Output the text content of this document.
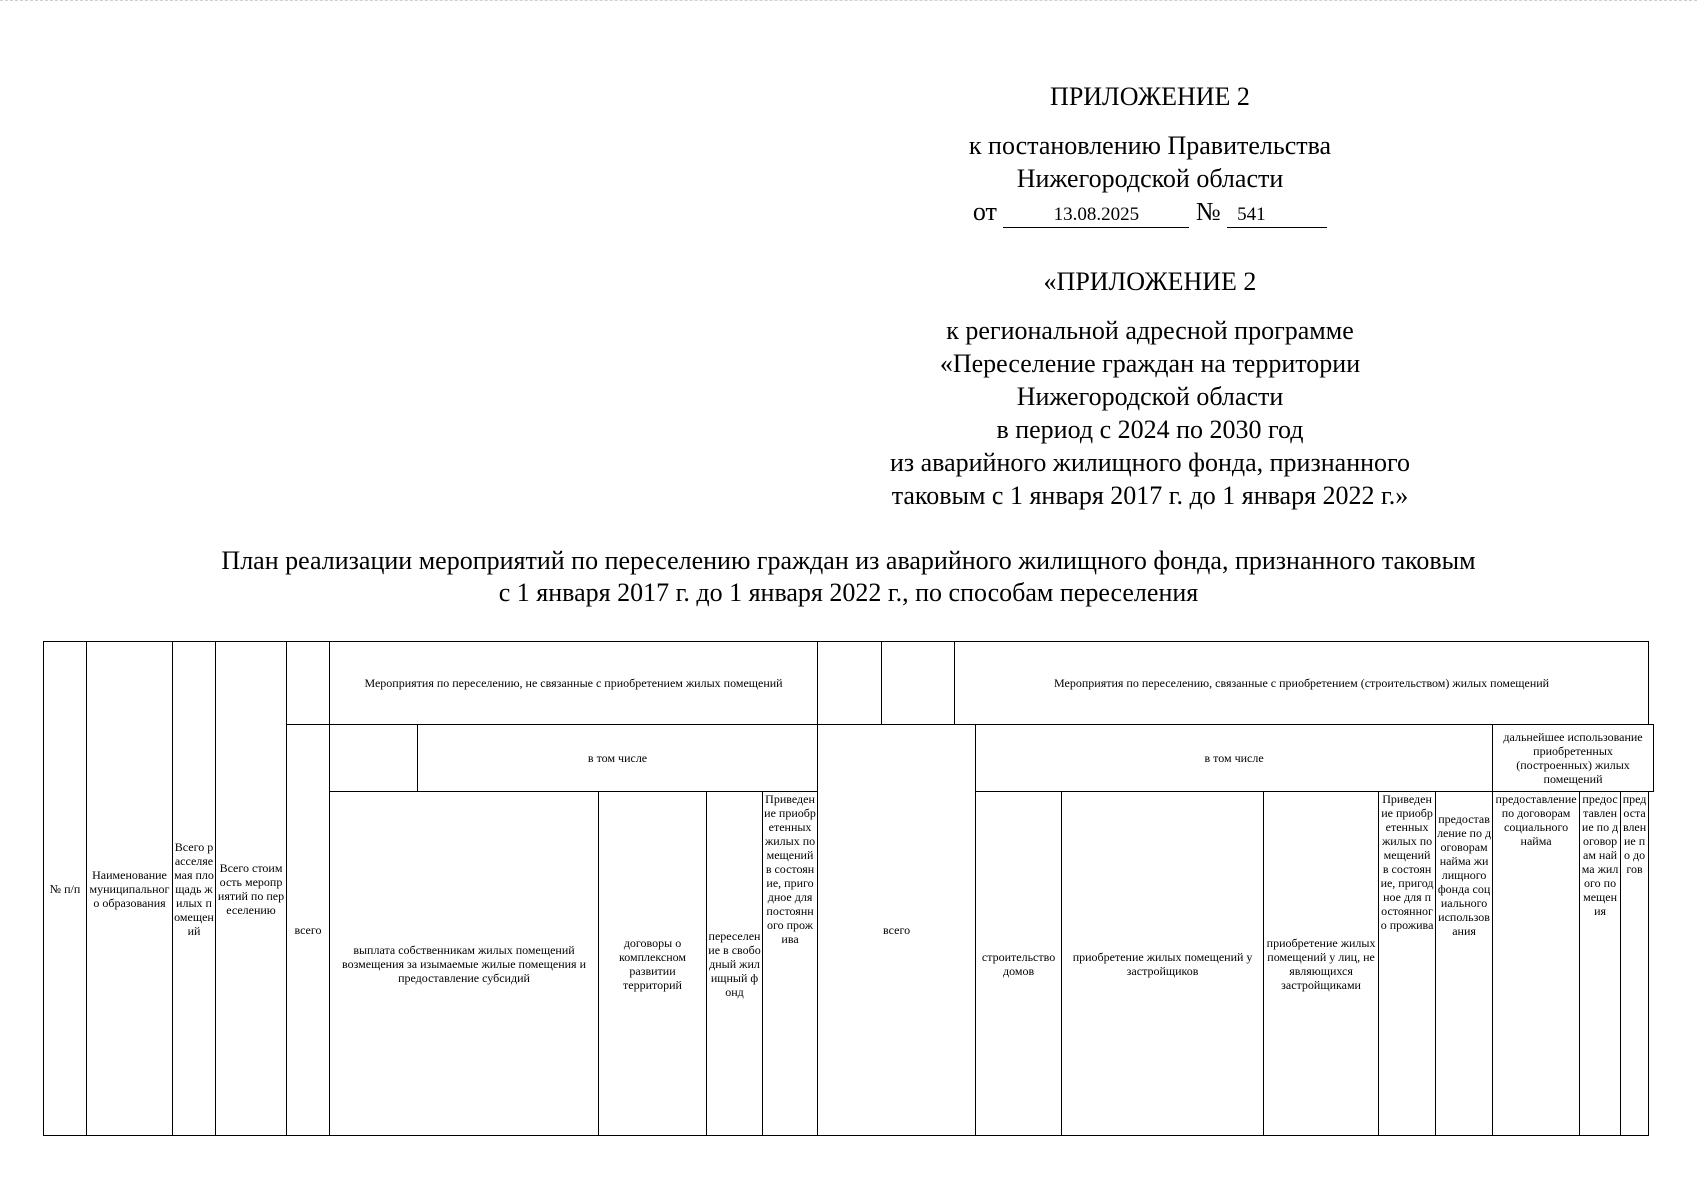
ПРИЛОЖЕНИЕ 2
к постановлению Правительства
Нижегородской области
от	13.08.2025 № 541
«ПРИЛОЖЕНИЕ 2
к региональной адресной программе
«Переселение граждан на территории
Нижегородской области
в период с 2024 по 2030 год
из аварийного жилищного фонда, признанного
таковым с 1 января 2017 г. до 1 января 2022 г.»
План реализации мероприятий по переселению граждан из аварийного жилищного фонда, признанного таковым
с 1 января 2017 г. до 1 января 2022 г., по способам переселения
№ п/п	Наименование муниципального образования	Всего расселяемая площадь жилых помещений	Всего стоимость мероприятий по переселению		Мероприятия по переселению, не связанные с приобретением жилых помещений							Мероприятия по переселению, связанные с приобретением (строительством) жилых помещений								
				всего		в том числе				всего			в том числе					дальнейшее использование приобретенных (построенных) жилых помещений		
					выплата собственникам жилых помещений возмещения за изымаемые жилые помещения и предоставление субсидий		договоры о комплексном развитии территорий	переселение в свободный жилищный фонд	Приведение приобретенных жилых помещений в состояние, пригодное для постоянного прожива				строительство домов	приобретение жилых помещений у застройщиков	приобретение жилых помещений у лиц, не являющихся застройщиками	Приведение приобретенных жилых помещений в состояние, пригодное для постоянного прожива	предоставление по договорам найма жилищного фонда социального использования	предоставление по договорам социального найма	предоставление по договорам найма жилого помещения	предоставление по догов
